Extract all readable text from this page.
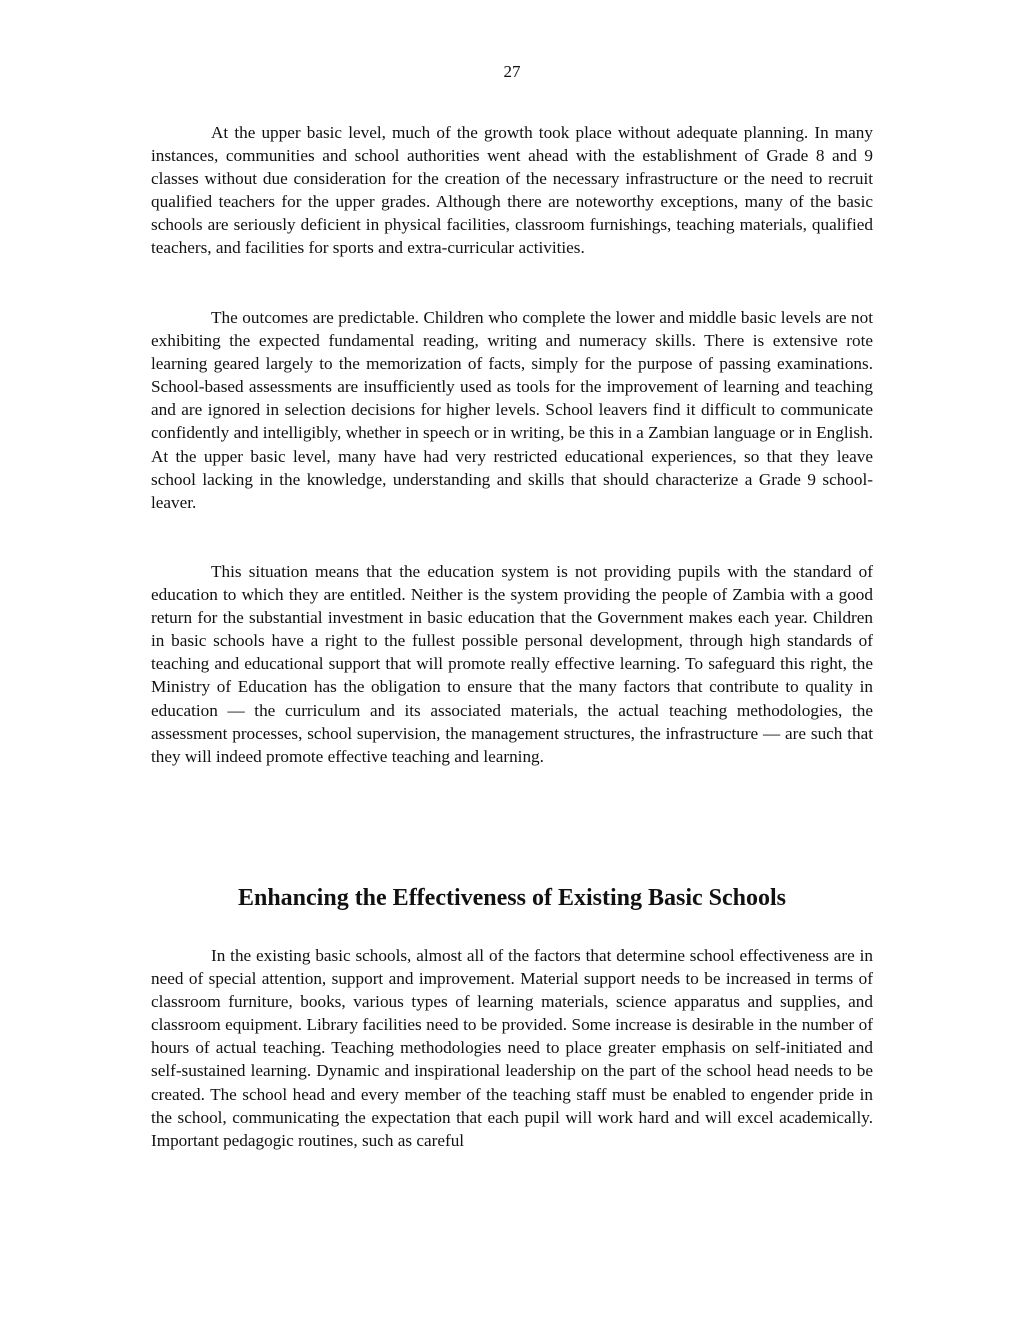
27

At the upper basic level, much of the growth took place without adequate planning. In many instances, communities and school authorities went ahead with the establishment of Grade 8 and 9 classes without due consideration for the creation of the necessary infrastructure or the need to recruit qualified teachers for the upper grades. Although there are noteworthy exceptions, many of the basic schools are seriously deficient in physical facilities, classroom furnishings, teaching materials, qualified teachers, and facilities for sports and extra-curricular activities.

The outcomes are predictable. Children who complete the lower and middle basic levels are not exhibiting the expected fundamental reading, writing and numeracy skills. There is extensive rote learning geared largely to the memorization of facts, simply for the purpose of passing examinations. School-based assessments are insufficiently used as tools for the improvement of learning and teaching and are ignored in selection decisions for higher levels. School leavers find it difficult to communicate confidently and intelligibly, whether in speech or in writing, be this in a Zambian language or in English. At the upper basic level, many have had very restricted educational experiences, so that they leave school lacking in the knowledge, understanding and skills that should characterize a Grade 9 school-leaver.

This situation means that the education system is not providing pupils with the standard of education to which they are entitled. Neither is the system providing the people of Zambia with a good return for the substantial investment in basic education that the Government makes each year. Children in basic schools have a right to the fullest possible personal development, through high standards of teaching and educational support that will promote really effective learning. To safeguard this right, the Ministry of Education has the obligation to ensure that the many factors that contribute to quality in education — the curriculum and its associated materials, the actual teaching methodologies, the assessment processes, school supervision, the management structures, the infrastructure — are such that they will indeed promote effective teaching and learning.

Enhancing the Effectiveness of Existing Basic Schools

In the existing basic schools, almost all of the factors that determine school effectiveness are in need of special attention, support and improvement. Material support needs to be increased in terms of classroom furniture, books, various types of learning materials, science apparatus and supplies, and classroom equipment. Library facilities need to be provided. Some increase is desirable in the number of hours of actual teaching. Teaching methodologies need to place greater emphasis on self-initiated and self-sustained learning. Dynamic and inspirational leadership on the part of the school head needs to be created. The school head and every member of the teaching staff must be enabled to engender pride in the school, communicating the expectation that each pupil will work hard and will excel academically. Important pedagogic routines, such as careful
